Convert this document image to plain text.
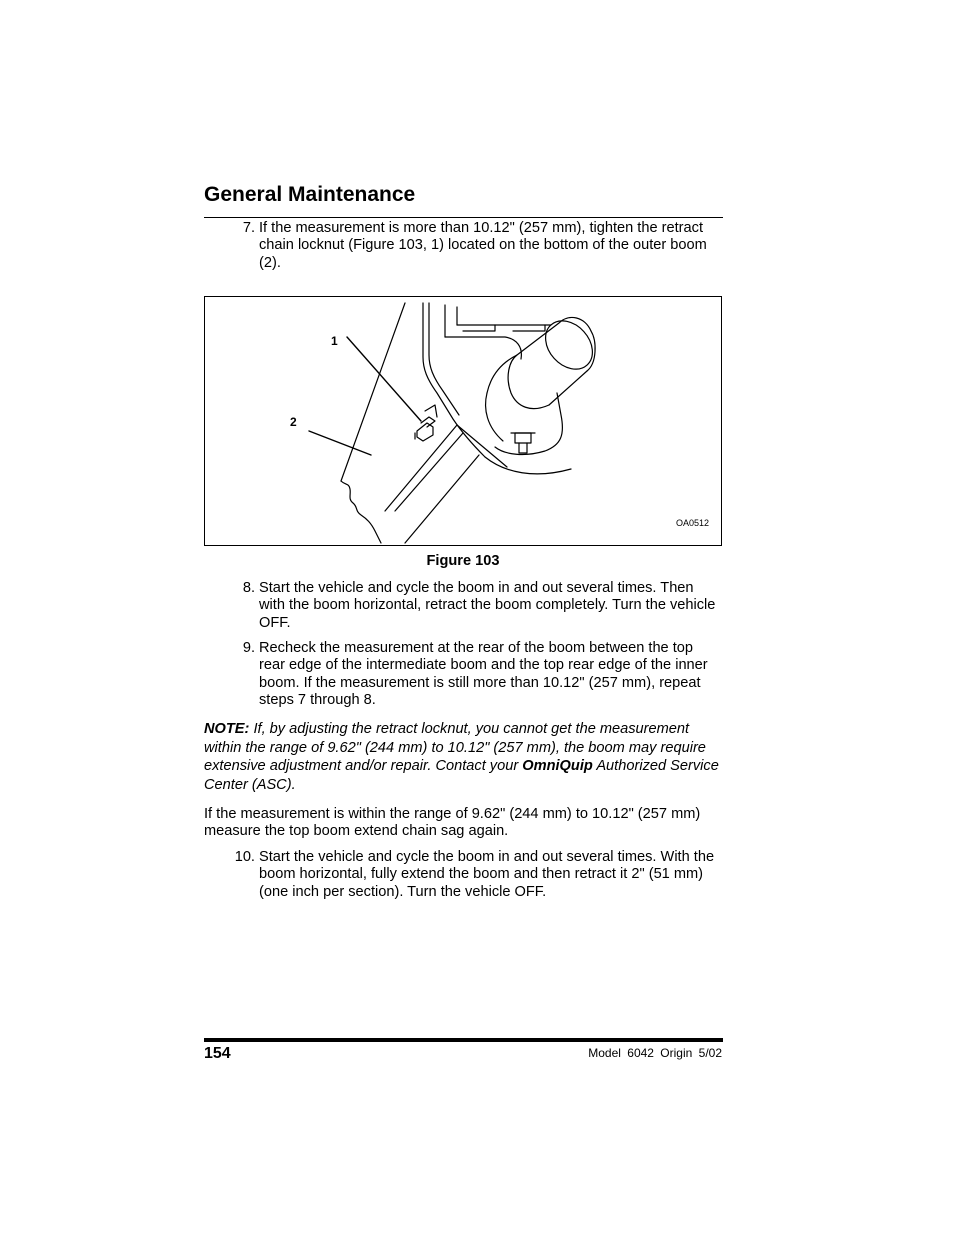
General Maintenance

7. If the measurement is more than 10.12" (257 mm), tighten the retract chain locknut (Figure 103, 1) located on the bottom of the outer boom (2).

1
2
OA0512

Figure 103

8. Start the vehicle and cycle the boom in and out several times. Then with the boom horizontal, retract the boom completely. Turn the vehicle OFF.

9. Recheck the measurement at the rear of the boom between the top rear edge of the intermediate boom and the top rear edge of the inner boom. If the measurement is still more than 10.12" (257 mm), repeat steps 7 through 8.

NOTE: If, by adjusting the retract locknut, you cannot get the measurement within the range of 9.62" (244 mm) to 10.12" (257 mm), the boom may require extensive adjustment and/or repair. Contact your OmniQuip Authorized Service Center (ASC).

If the measurement is within the range of 9.62" (244 mm) to 10.12" (257 mm) measure the top boom extend chain sag again.

10. Start the vehicle and cycle the boom in and out several times. With the boom horizontal, fully extend the boom and then retract it 2" (51 mm) (one inch per section). Turn the vehicle OFF.

154	Model 6042 Origin 5/02
